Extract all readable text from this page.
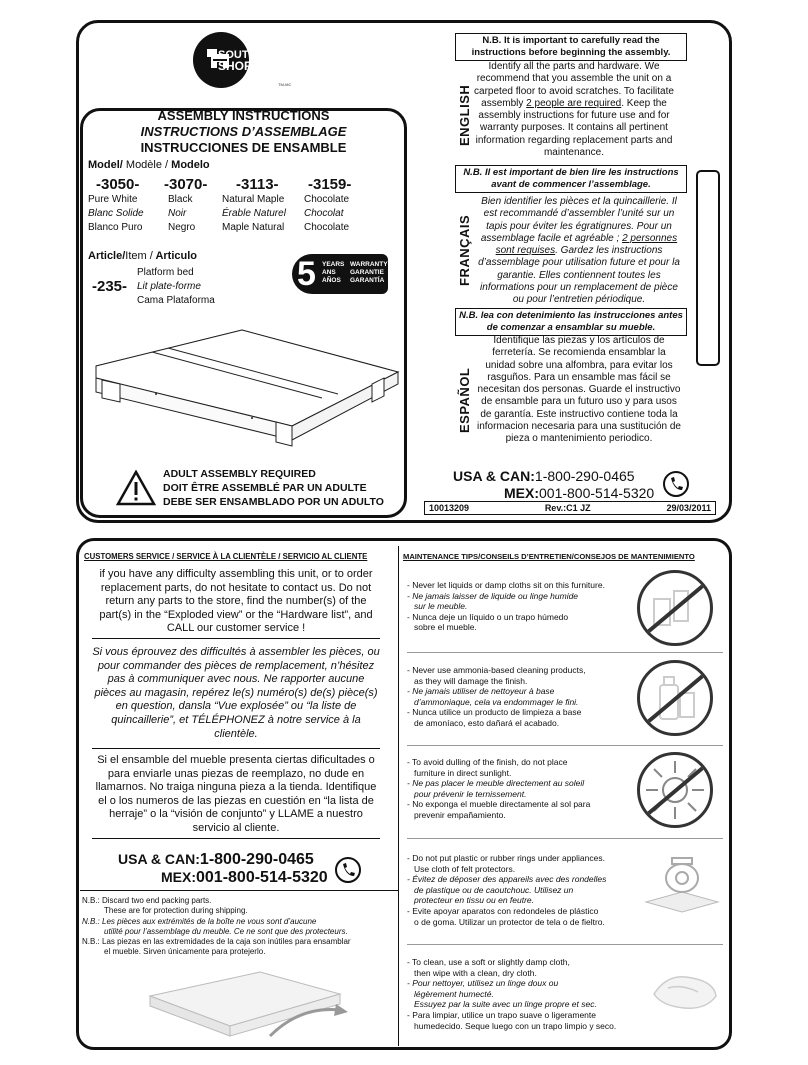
SOUTH
SHORE
TM-MC
ASSEMBLY INSTRUCTIONS
INSTRUCTIONS D’ASSEMBLAGE
INSTRUCCIONES DE ENSAMBLE
Model/ Modèle / Modelo
-3050-
Pure White
Blanc Solide
Blanco Puro
-3070-
Black
Noir
Negro
-3113-
Natural Maple
Érable Naturel
Maple Natural
-3159-
Chocolate
Chocolat
Chocolate
Article/Item / Articulo
-235-
Platform bed
Lit plate-forme
Cama Plataforma
5 YEARS
ANS
AÑOS
WARRANTY
GARANTIE
GARANTÍA
ADULT ASSEMBLY REQUIRED
DOIT ÊTRE ASSEMBLÉ PAR UN ADULTE
DEBE SER ENSAMBLADO POR UN ADULTO
N.B. It is important to carefully read the instructions before beginning the assembly.
Identify all the parts and hardware. We recommend that you assemble the unit on a carpeted floor to avoid scratches. To facilitate assembly 2 people are required. Keep the assembly instructions for future use and for warranty purposes. It contains all pertinent information regarding replacement parts and maintenance.
ENGLISH
N.B. Il est important de bien lire les instructions avant de commencer l’assemblage.
Bien identifier les pièces et la quincaillerie. Il est recommandé d’assembler l’unité sur un tapis pour éviter les égratignures. Pour un assemblage facile et agréable ; 2 personnes sont requises. Gardez les instructions d’assemblage pour utilisation future et pour la garantie. Elles contiennent toutes les informations pour un remplacement de pièce ou pour l’entretien périodique.
FRANÇAIS
N.B. lea con detenimiento las instrucciones antes de comenzar a ensamblar su mueble.
Identifique las piezas y los artículos de ferretería. Se recomienda ensamblar la unidad sobre una alfombra, para evitar los rasguños. Para un ensamble mas fácil se necesitan dos personas. Guarde el instructivo de ensamble para un futuro uso y para usos de garantía. Este instructivo contiene toda la informacion necesaria para una sustitución de pieza o mantenimiento periodico.
ESPAÑOL
USA & CAN:1-800-290-0465
MEX:001-800-514-5320
10013209	Rev.:C1 JZ	29/03/2011
CUSTOMERS SERVICE / SERVICE À LA CLIENTÈLE / SERVICIO AL CLIENTE	MAINTENANCE TIPS/CONSEILS D’ENTRETIEN/CONSEJOS DE MANTENIMIENTO
if you have any difficulty assembling this unit, or to order replacement parts, do not hesitate to contact us. Do not return any parts to the store, find the number(s) of the part(s) in the “Exploded view” or the “Hardware list”, and CALL our customer service !
Si vous éprouvez des difficultés à assembler les pièces, ou pour commander des pièces de remplacement, n’hésitez pas à communiquer avec nous. Ne rapporter aucune pièces au magasin, repérez le(s) numéro(s) de(s) pièce(s) en question, dansla “Vue explosée” ou “la liste de quincaillerie”, et TÉLÉPHONEZ à notre service à la clientèle.
Si el ensamble del mueble presenta ciertas dificultades o para enviarle unas piezas de reemplazo, no dude en llamarnos. No traiga ninguna pieza a la tienda. Identifique el o los numeros de las piezas en cuestión en “la lista de herraje” o la “visión de conjunto” y LLAME a nuestro servicio al cliente.
USA & CAN:1-800-290-0465
MEX:001-800-514-5320
N.B.: Discard two end packing parts.
These are for protection during shipping.
N.B.: Les pièces aux extrémités de la boîte ne vous sont d’aucune
utilité pour l’assemblage du meuble. Ce ne sont que des protecteurs.
N.B.: Las piezas en las extremidades de la caja son inútiles para ensamblar
el mueble. Sirven únicamente para protejerlo.
- Never let liquids or damp cloths sit on this furniture.
- Ne jamais laisser de liquide ou linge humide
sur le meuble.
- Nunca deje un líquido o un trapo húmedo
sobre el mueble.
- Never use ammonia-based cleaning products,
as they will damage the finish.
- Ne jamais utiliser de nettoyeur à base
d’ammoniaque, cela va endommager le fini.
- Nunca utilice un producto de limpieza a base
de amoníaco, esto dañará el acabado.
- To avoid dulling of the finish, do not place
furniture in direct sunlight.
- Ne pas placer le meuble directement au soleil
pour prévenir le ternissement.
- No exponga el mueble directamente al sol para
prevenir empañamiento.
- Do not put plastic or rubber rings under appliances.
Use cloth of felt protectors.
- Évitez de déposer des appareils avec des rondelles
de plastique ou de caoutchouc. Utilisez un
protecteur en tissu ou en feutre.
- Evite apoyar aparatos con redondeles de plástico
o de goma. Utilizar un protector de tela o de fieltro.
- To clean, use a soft or slightly damp cloth,
then wipe with a clean, dry cloth.
- Pour nettoyer, utilisez un linge doux ou
légèrement humecté.
Essuyez par la suite avec un linge propre et sec.
- Para limpiar, utilice un trapo suave o ligeramente
humedecido. Seque luego con un trapo limpio y seco.
